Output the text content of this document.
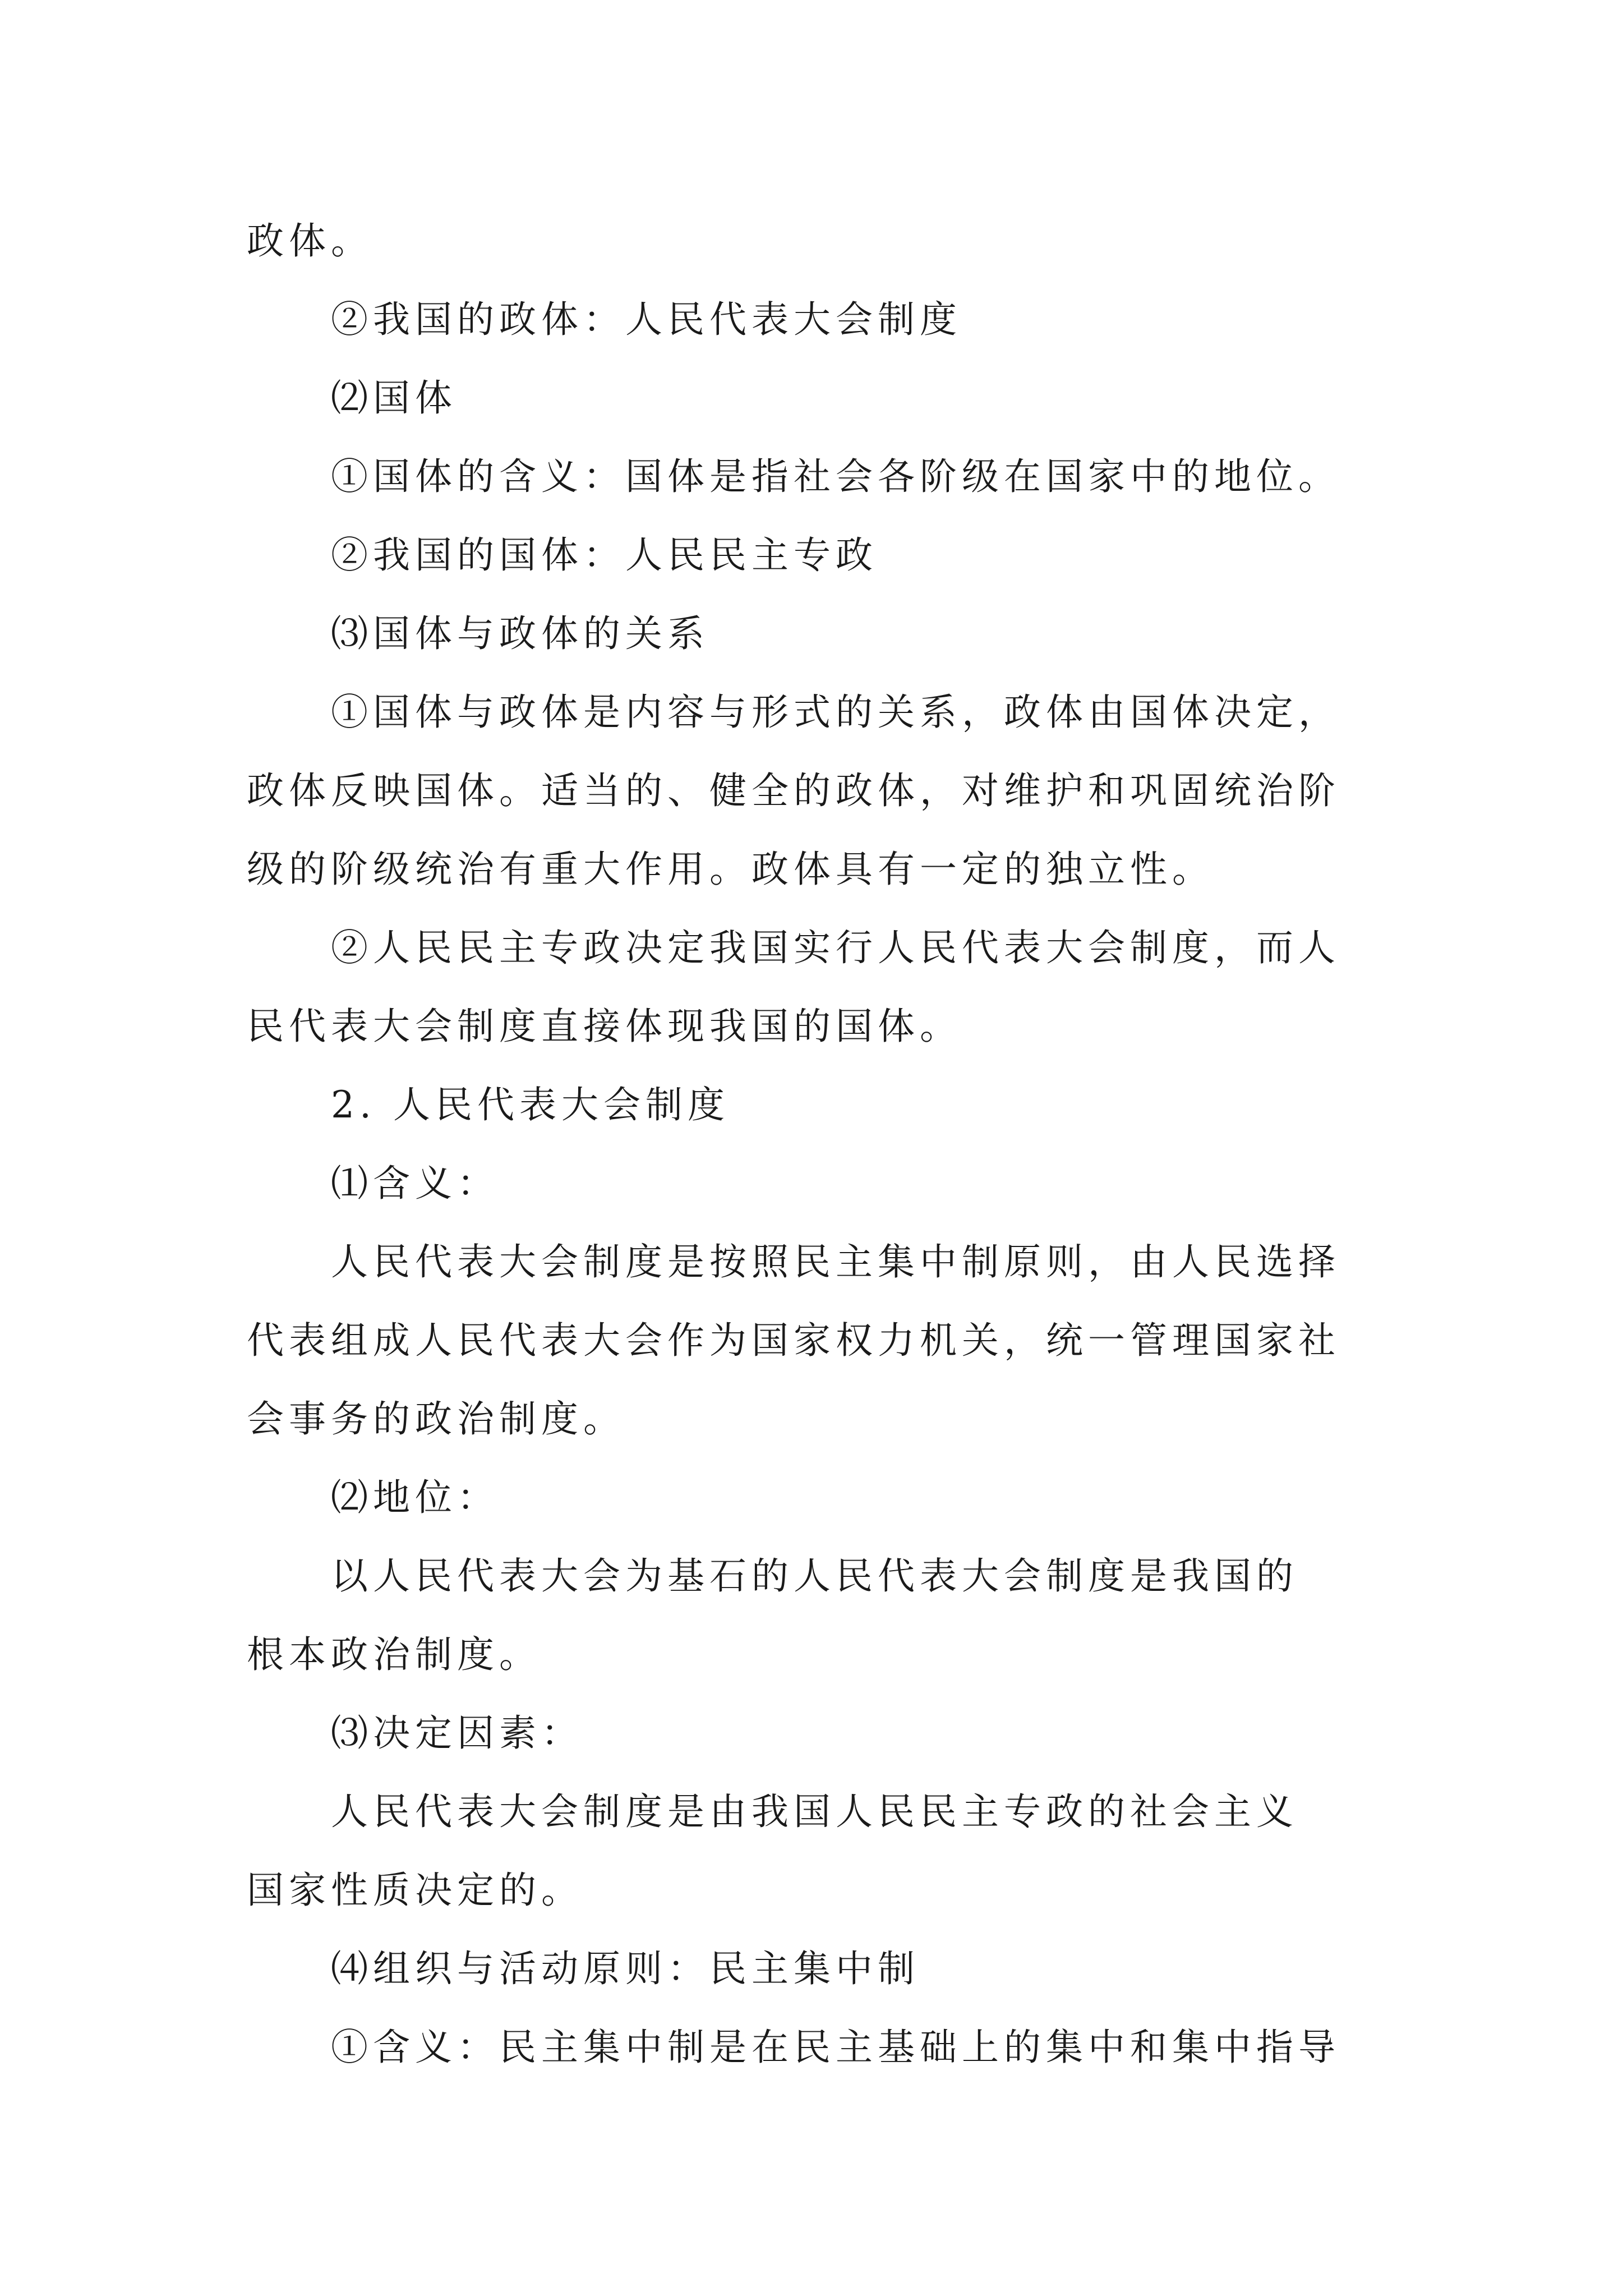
政体。
②我国的政体：人民代表大会制度
⑵国体
①国体的含义：国体是指社会各阶级在国家中的地位。
②我国的国体：人民民主专政
⑶国体与政体的关系
①国体与政体是内容与形式的关系，政体由国体决定，
政体反映国体。适当的、健全的政体，对维护和巩固统治阶
级的阶级统治有重大作用。政体具有一定的独立性。
②人民民主专政决定我国实行人民代表大会制度，而人
民代表大会制度直接体现我国的国体。
2. 人民代表大会制度
⑴含义：
人民代表大会制度是按照民主集中制原则，由人民选择
代表组成人民代表大会作为国家权力机关，统一管理国家社
会事务的政治制度。
⑵地位：
以人民代表大会为基石的人民代表大会制度是我国的
根本政治制度。
⑶决定因素：
人民代表大会制度是由我国人民民主专政的社会主义
国家性质决定的。
⑷组织与活动原则：民主集中制
①含义：民主集中制是在民主基础上的集中和集中指导
